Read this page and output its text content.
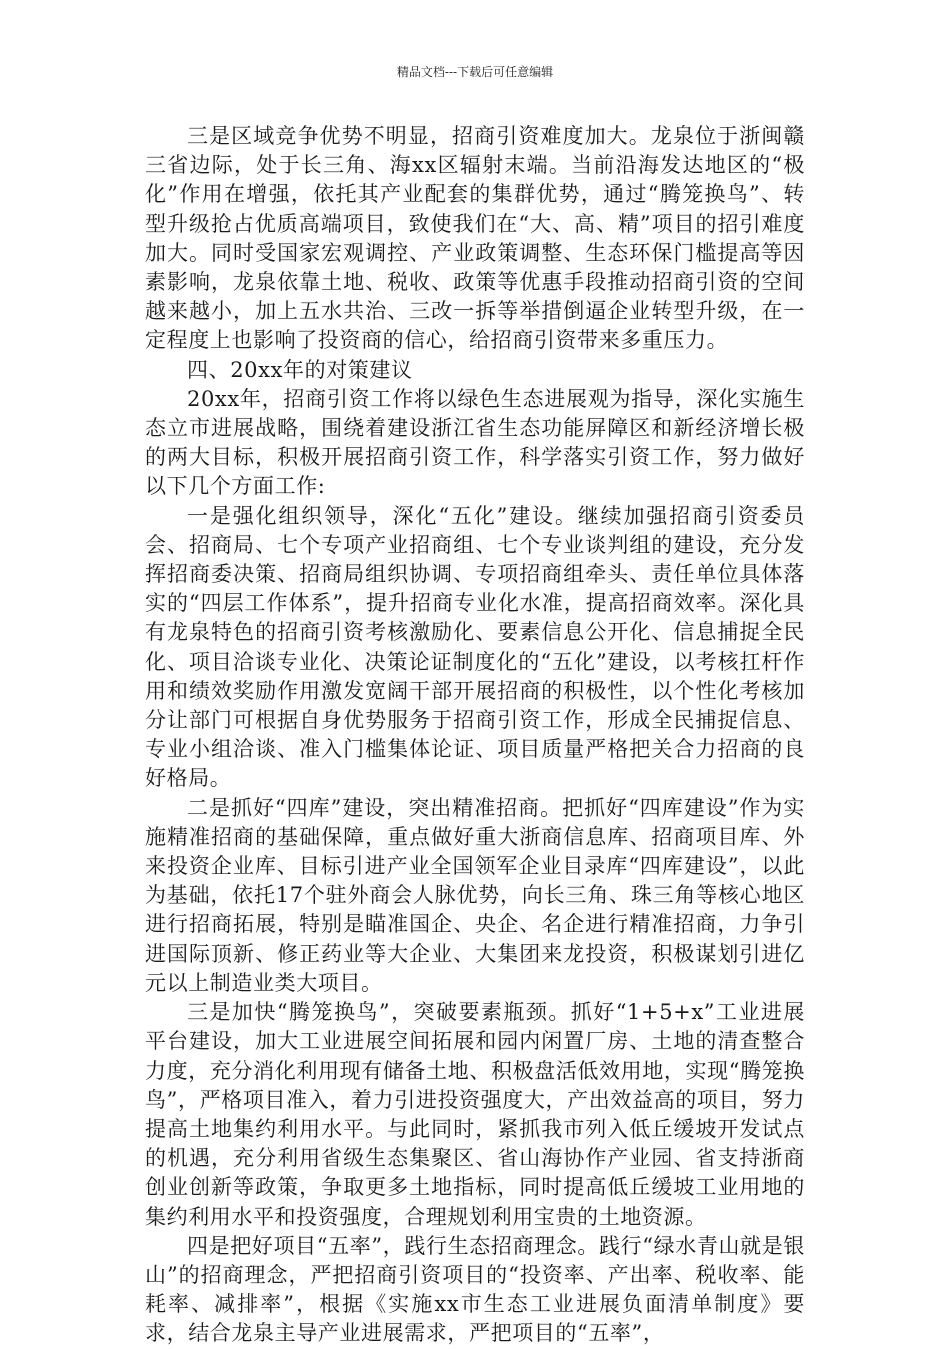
精品文档---下载后可任意编辑

三是区域竞争优势不明显，招商引资难度加大。龙泉位于浙闽赣三省边际，处于长三角、海xx区辐射末端。当前沿海发达地区的“极化”作用在增强，依托其产业配套的集群优势，通过“腾笼换鸟”、转型升级抢占优质高端项目，致使我们在“大、高、精”项目的招引难度加大。同时受国家宏观调控、产业政策调整、生态环保门槛提高等因素影响，龙泉依靠土地、税收、政策等优惠手段推动招商引资的空间越来越小，加上五水共治、三改一拆等举措倒逼企业转型升级，在一定程度上也影响了投资商的信心，给招商引资带来多重压力。

四、20xx年的对策建议

20xx年，招商引资工作将以绿色生态进展观为指导，深化实施生态立市进展战略，围绕着建设浙江省生态功能屏障区和新经济增长极的两大目标，积极开展招商引资工作，科学落实引资工作，努力做好以下几个方面工作:

一是强化组织领导，深化“五化”建设。继续加强招商引资委员会、招商局、七个专项产业招商组、七个专业谈判组的建设，充分发挥招商委决策、招商局组织协调、专项招商组牵头、责任单位具体落实的“四层工作体系”，提升招商专业化水准，提高招商效率。深化具有龙泉特色的招商引资考核激励化、要素信息公开化、信息捕捉全民化、项目洽谈专业化、决策论证制度化的“五化”建设，以考核扛杆作用和绩效奖励作用激发宽阔干部开展招商的积极性，以个性化考核加分让部门可根据自身优势服务于招商引资工作，形成全民捕捉信息、专业小组洽谈、准入门槛集体论证、项目质量严格把关合力招商的良好格局。

二是抓好“四库”建设，突出精准招商。把抓好“四库建设”作为实施精准招商的基础保障，重点做好重大浙商信息库、招商项目库、外来投资企业库、目标引进产业全国领军企业目录库“四库建设”，以此为基础，依托17个驻外商会人脉优势，向长三角、珠三角等核心地区进行招商拓展，特别是瞄准国企、央企、名企进行精准招商，力争引进国际顶新、修正药业等大企业、大集团来龙投资，积极谋划引进亿元以上制造业类大项目。

三是加快“腾笼换鸟”，突破要素瓶颈。抓好“1+5+x”工业进展平台建设，加大工业进展空间拓展和园内闲置厂房、土地的清查整合力度，充分消化利用现有储备土地、积极盘活低效用地，实现“腾笼换鸟”，严格项目准入，着力引进投资强度大，产出效益高的项目，努力提高土地集约利用水平。与此同时，紧抓我市列入低丘缓坡开发试点的机遇，充分利用省级生态集聚区、省山海协作产业园、省支持浙商创业创新等政策，争取更多土地指标，同时提高低丘缓坡工业用地的集约利用水平和投资强度，合理规划利用宝贵的土地资源。

四是把好项目“五率”，践行生态招商理念。践行“绿水青山就是银山”的招商理念，严把招商引资项目的“投资率、产出率、税收率、能耗率、减排率”，根据《实施xx市生态工业进展负面清单制度》要求，结合龙泉主导产业进展需求，严把项目的“五率”，
